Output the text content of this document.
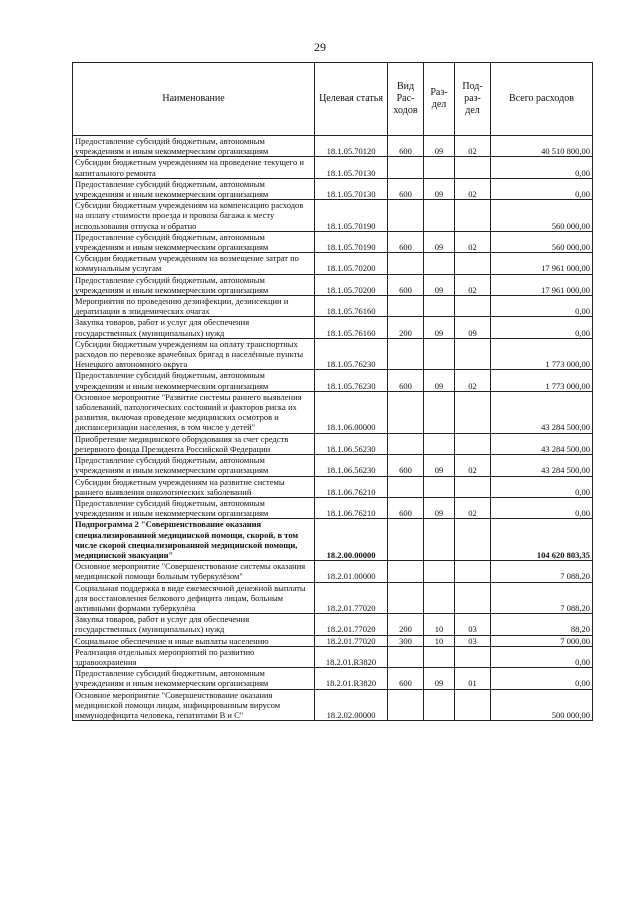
29
Наименование	Целевая статья	Вид Рас-ходов	Раз-дел	Под-раз-дел	Всего расходов
Предоставление субсидий бюджетным, автономным учреждениям и иным некоммерческим организациям	18.1.05.70120	600	09	02	40 510 800,00
Субсидии бюджетным учреждениям на проведение текущего и капитального ремонта	18.1.05.70130				0,00
Предоставление субсидий бюджетным, автономным учреждениям и иным некоммерческим организациям	18.1.05.70130	600	09	02	0,00
Субсидии бюджетным учреждениям на компенсацию расходов на оплату стоимости проезда и провоза багажа к месту использования отпуска и обратно	18.1.05.70190				560 000,00
Предоставление субсидий бюджетным, автономным учреждениям и иным некоммерческим организациям	18.1.05.70190	600	09	02	560 000,00
Субсидии бюджетным учреждениям на возмещение затрат по коммунальным услугам	18.1.05.70200				17 961 000,00
Предоставление субсидий бюджетным, автономным учреждениям и иным некоммерческим организациям	18.1.05.70200	600	09	02	17 961 000,00
Мероприятия по проведению дезинфекции, дезинсекции и дератизации в эпидемических очагах	18.1.05.76160				0,00
Закупка товаров, работ и услуг для обеспечения государственных (муниципальных) нужд	18.1.05.76160	200	09	09	0,00
Субсидии бюджетным учреждениям на оплату транспортных расходов по перевозке врачебных бригад в населённые пункты Ненецкого автономного округа	18.1.05.76230				1 773 000,00
Предоставление субсидий бюджетным, автономным учреждениям и иным некоммерческим организациям	18.1.05.76230	600	09	02	1 773 000,00
Основное мероприятие "Развитие системы раннего выявления заболеваний, патологических состояний и факторов риска их развития, включая проведение медицинских осмотров и диспансеризации населения, в том числе у детей"	18.1.06.00000				43 284 500,00
Приобретение медицинского оборудования за счет средств резервного фонда Президента Российской Федерации	18.1.06.56230				43 284 500,00
Предоставление субсидий бюджетным, автономным учреждениям и иным некоммерческим организациям	18.1.06.56230	600	09	02	43 284 500,00
Субсидии бюджетным учреждениям на развитие системы раннего выявления онкологических заболеваний	18.1.06.76210				0,00
Предоставление субсидий бюджетным, автономным учреждениям и иным некоммерческим организациям	18.1.06.76210	600	09	02	0,00
Подпрограмма 2 "Совершенствование оказания специализированной медицинской помощи, скорой, в том числе скорой специализированной медицинской помощи, медицинской эвакуации"	18.2.00.00000				104 620 803,35
Основное мероприятие "Совершенствование системы оказания медицинской помощи больным туберкулёзом"	18.2.01.00000				7 088,20
Социальная поддержка в виде ежемесячной денежной выплаты для восстановления белкового дефицита лицам, больным активными формами туберкулёза	18.2.01.77020				7 088,20
Закупка товаров, работ и услуг для обеспечения государственных (муниципальных) нужд	18.2.01.77020	200	10	03	88,20
Социальное обеспечение и иные выплаты населению	18.2.01.77020	300	10	03	7 000,00
Реализация отдельных мероприятий по развитию здравоохранения	18.2.01.R3820				0,00
Предоставление субсидий бюджетным, автономным учреждениям и иным некоммерческим организациям	18.2.01.R3820	600	09	01	0,00
Основное мероприятие "Совершенствование оказания медицинской помощи лицам, инфицированным вирусом иммунодефицита человека, гепатитами В и С"	18.2.02.00000				500 000,00
